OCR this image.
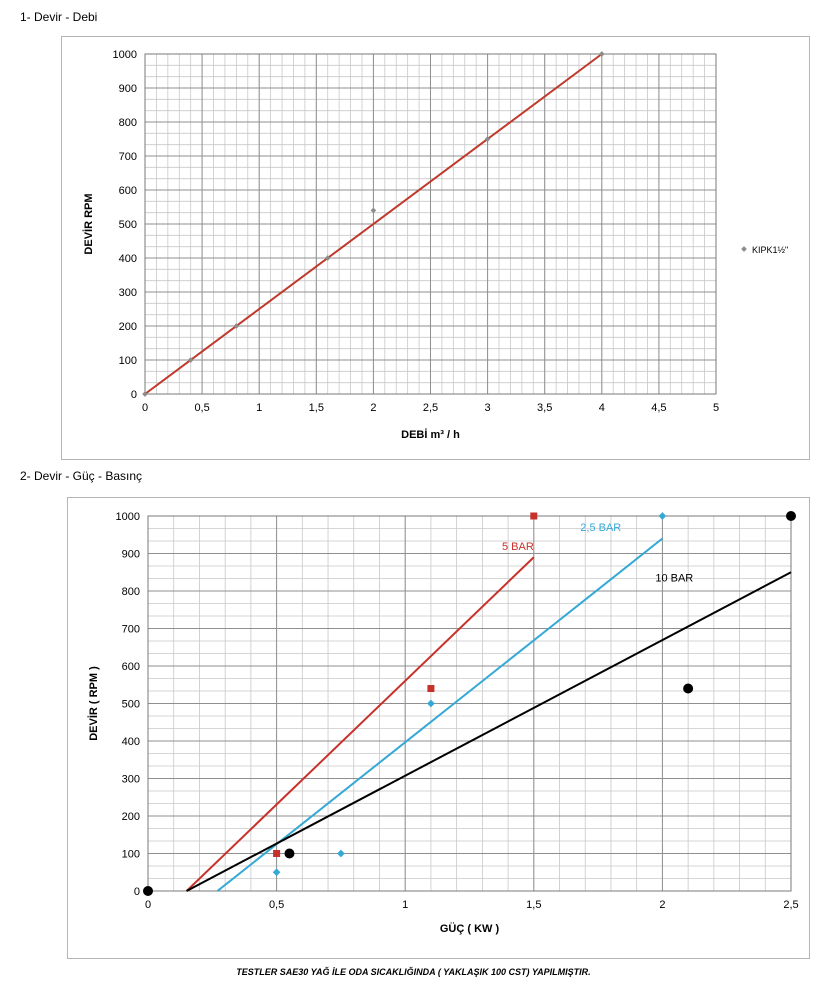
1- Devir - Debi
0	0,5	1	1,5	2	2,5	3	3,5	4	4,5	5
0
100
200
300
400
500
600
700
800
900
1000
DEBİ m³ / h
DEVİR RPM	KIPK1½"
2- Devir - Güç - Basınç
0	0,5	1	1,5	2	2,5
0
100
200
300
400
500
600
700
800
900
1000
GÜÇ ( KW )
DEVİR ( RPM )
5 BAR
2,5 BAR
10 BAR
TESTLER SAE30 YAĞ İLE ODA SICAKLIĞINDA ( YAKLAŞIK 100 CST) YAPILMIŞTIR.
